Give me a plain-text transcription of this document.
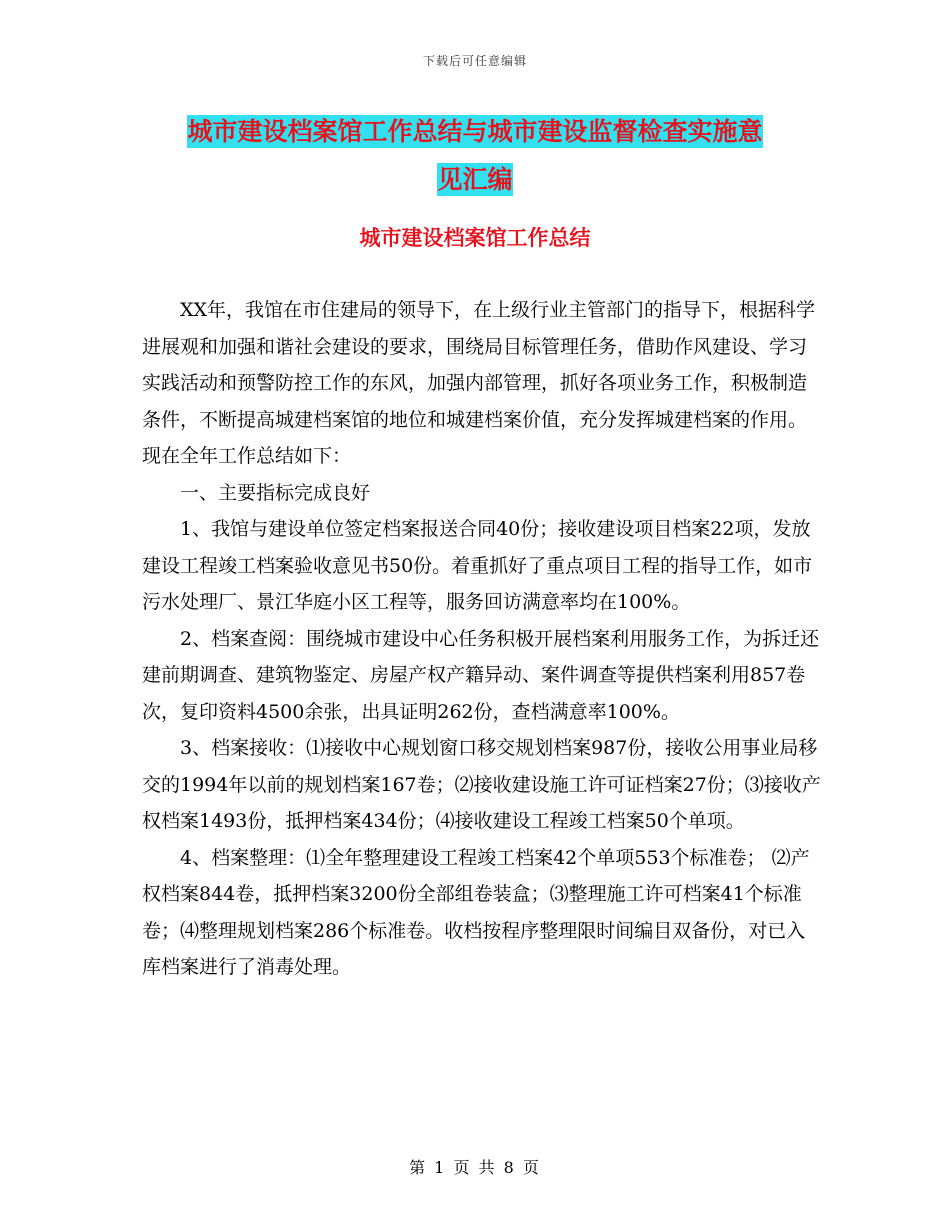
下载后可任意编辑
城市建设档案馆工作总结与城市建设监督检查实施意
见汇编
城市建设档案馆工作总结

XX年，我馆在市住建局的领导下，在上级行业主管部门的指导下，根据科学进展观和加强和谐社会建设的要求，围绕局目标管理任务，借助作风建设、学习实践活动和预警防控工作的东风，加强内部管理，抓好各项业务工作，积极制造条件，不断提高城建档案馆的地位和城建档案价值，充分发挥城建档案的作用。现在全年工作总结如下：

一、主要指标完成良好

1、我馆与建设单位签定档案报送合同40份；接收建设项目档案22项，发放建设工程竣工档案验收意见书50份。着重抓好了重点项目工程的指导工作，如市污水处理厂、景江华庭小区工程等，服务回访满意率均在100%。

2、档案查阅：围绕城市建设中心任务积极开展档案利用服务工作，为拆迁还建前期调查、建筑物鉴定、房屋产权产籍异动、案件调查等提供档案利用857卷次，复印资料4500余张，出具证明262份，查档满意率100%。

3、档案接收：⑴接收中心规划窗口移交规划档案987份，接收公用事业局移交的1994年以前的规划档案167卷；⑵接收建设施工许可证档案27份；⑶接收产权档案1493份，抵押档案434份；⑷接收建设工程竣工档案50个单项。

4、档案整理：⑴全年整理建设工程竣工档案42个单项553个标准卷； ⑵产权档案844卷，抵押档案3200份全部组卷装盒；⑶整理施工许可档案41个标准卷；⑷整理规划档案286个标准卷。收档按程序整理限时间编目双备份，对已入库档案进行了消毒处理。

第 1 页 共 8 页
